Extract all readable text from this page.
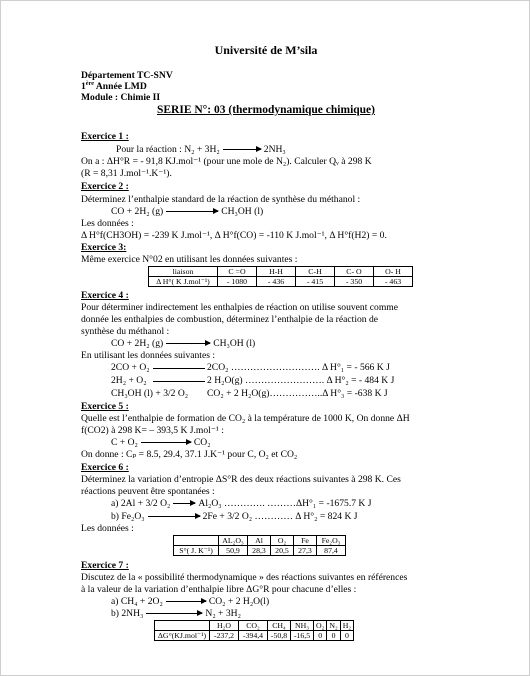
Université de M’sila
Département TC-SNV
1ère Année LMD
Module : Chimie II
SERIE N°: 03 (thermodynamique chimique)
Exercice 1 :
Pour la réaction : N₂ + 3H₂ → 2NH₃
On a : ΔH°R = - 91,8 KJ.mol⁻¹ (pour une mole de N₂). Calculer Qᵥ à 298 K
(R = 8,31 J.mol⁻¹.K⁻¹).
Exercice 2 :
Déterminez l’enthalpie standard de la réaction de synthèse du méthanol :
CO + 2H₂ (g)	CH₃OH (l)
Les données :
Δ H°f(CH3OH) = -239 K J.mol⁻¹, Δ H°f(CO) = -110 K J.mol⁻¹, Δ H°f(H2) = 0.
Exercice 3:
Même exercice N°02 en utilisant les données suivantes :
liaison	C =O	H-H	C-H	C- O	O- H
Δ H°( K J.mol⁻¹)	- 1080	- 436	- 415	- 350	- 463
Exercice 4 :
Pour déterminer indirectement les enthalpies de réaction on utilise souvent comme
donnée les enthalpies de combustion, déterminez l’enthalpie de la réaction de
synthèse du méthanol :
CO + 2H₂ (g)	CH₃OH (l)
En utilisant les données suivantes :
2CO + O₂	2CO₂ ………………………. Δ H°₁ = - 566 K J
2H₂ + O₂	2 H₂O(g) ……………………. Δ H°₂ = - 484 K J
CH₃OH (l) + 3/2 O₂ CO₂ + 2 H₂O(g)……………..Δ H°₃ = -638 K J
Exercice 5 :
Quelle est l’enthalpie de formation de CO₂ à la température de 1000 K, On donne ΔH
f(CO2) à 298 K= – 393,5 K J.mol⁻¹ :
C + O₂	CO₂
On donne : Cₚ = 8.5, 29.4, 37.1 J.K⁻¹ pour C, O₂ et CO₂
Exercice 6 :
Déterminez la variation d’entropie ΔS°R des deux réactions suivantes à 298 K. Ces
réactions peuvent être spontanées :
a) 2Al + 3/2 O₂ → Al₂O₃ …………. ………ΔH°₁ = -1675.7 K J
b) Fe₂O₃	2Fe + 3/2 O₂ ………… Δ H°₂ = 824 K J
Les données :
	AL₂O₃	Al	O₂	Fe	Fe₂O₃
S°( J. K⁻¹)	50,9	28,3	20,5	27,3	87,4
Exercice 7 :
Discutez de la « possibilité thermodynamique » des réactions suivantes en références
à la valeur de la variation d’enthalpie libre ΔG°R pour chacune d’elles :
a) CH₄ + 2O₂	CO₂ + 2 H₂O(l)
b) 2NH₃	N₂ + 3H₂
	H₂O	CO₂	CH₄	NH₃	O₂	N₂	H₂
ΔG°(KJ.mol⁻¹)	-237,2	-394,4	-50,8	-16,5	0	0	0
